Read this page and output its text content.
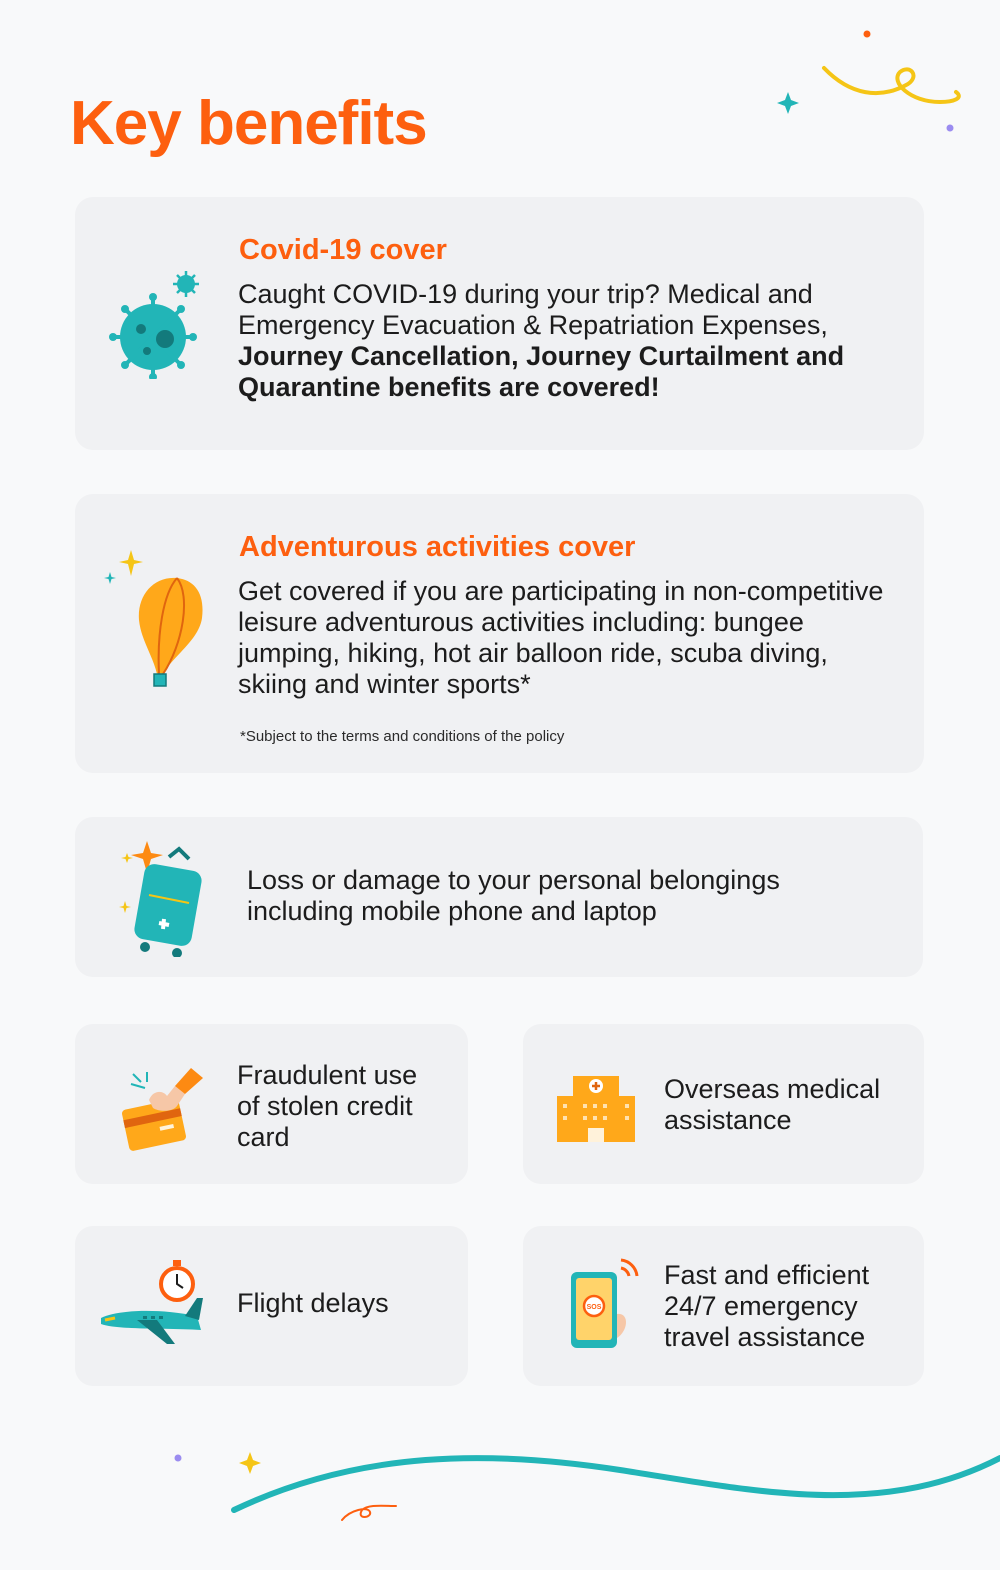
Key benefits
Covid-19 cover

Caught COVID-19 during your trip? Medical and Emergency Evacuation & Repatriation Expenses, Journey Cancellation, Journey Curtailment and Quarantine benefits are covered!

Adventurous activities cover

Get covered if you are participating in non-competitive leisure adventurous activities including: bungee jumping, hiking, hot air balloon ride, scuba diving, skiing and winter sports*

*Subject to the terms and conditions of the policy

Loss or damage to your personal belongings including mobile phone and laptop

Fraudulent use of stolen credit card

Overseas medical assistance

Flight delays	SOS

Fast and efficient 24/7 emergency travel assistance
